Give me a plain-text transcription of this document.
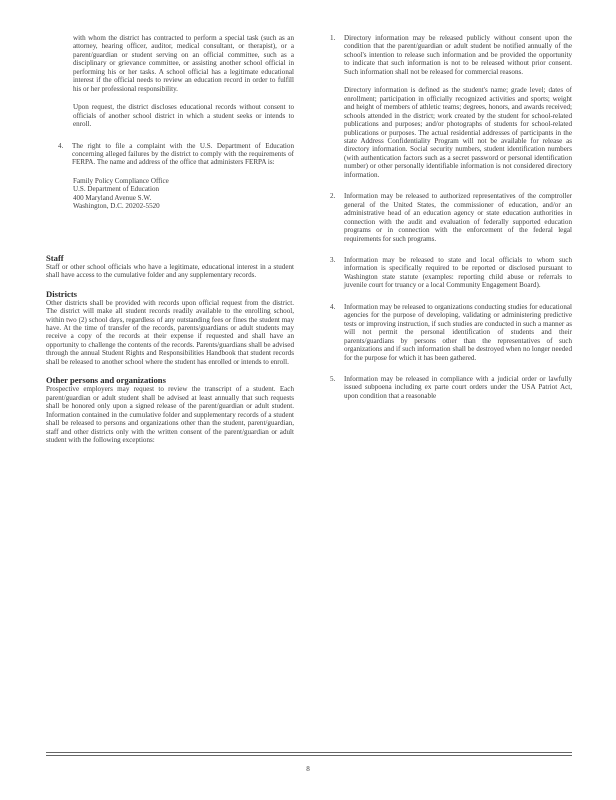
with whom the district has contracted to perform a special task (such as an attorney, hearing officer, auditor, medical consultant, or therapist), or a parent/guardian or student serving on an official committee, such as a disciplinary or grievance committee, or assisting another school official in performing his or her tasks. A school official has a legitimate educational interest if the official needs to review an education record in order to fulfill his or her professional responsibility.

Upon request, the district discloses educational records without consent to officials of another school district in which a student seeks or intends to enroll.

4. The right to file a complaint with the U.S. Department of Education concerning alleged failures by the district to comply with the requirements of FERPA. The name and address of the office that administers FERPA is:

Family Policy Compliance Office

U.S. Department of Education

400 Maryland Avenue S.W.

Washington, D.C. 20202-5520

Staff

Staff or other school officials who have a legitimate, educational interest in a student shall have access to the cumulative folder and any supplementary records.

Districts

Other districts shall be provided with records upon official request from the district. The district will make all student records readily available to the enrolling school, within two (2) school days, regardless of any outstanding fees or fines the student may have. At the time of transfer of the records, parents/guardians or adult students may receive a copy of the records at their expense if requested and shall have an opportunity to challenge the contents of the records. Parents/guardians shall be advised through the annual Student Rights and Responsibilities Handbook that student records shall be released to another school where the student has enrolled or intends to enroll.

Other persons and organizations

Prospective employers may request to review the transcript of a student. Each parent/guardian or adult student shall be advised at least annually that such requests shall be honored only upon a signed release of the parent/guardian or adult student. Information contained in the cumulative folder and supplementary records of a student shall be released to persons and organizations other than the student, parent/guardian, staff and other districts only with the written consent of the parent/guardian or adult student with the following exceptions:

1. Directory information may be released publicly without consent upon the condition that the parent/guardian or adult student be notified annually of the school's intention to release such information and be provided the opportunity to indicate that such information is not to be released without prior consent. Such information shall not be released for commercial reasons.

Directory information is defined as the student's name; grade level; dates of enrollment; participation in officially recognized activities and sports; weight and height of members of athletic teams; degrees, honors, and awards received; schools attended in the district; work created by the student for school-related publications and purposes; and/or photographs of students for school-related publications or purposes. The actual residential addresses of participants in the state Address Confidentiality Program will not be available for release as directory information. Social security numbers, student identification numbers (with authentication factors such as a secret password or personal identification number) or other personally identifiable information is not considered directory information.

2. Information may be released to authorized representatives of the comptroller general of the United States, the commissioner of education, and/or an administrative head of an education agency or state education authorities in connection with the audit and evaluation of federally supported education programs or in connection with the enforcement of the federal legal requirements for such programs.

3. Information may be released to state and local officials to whom such information is specifically required to be reported or disclosed pursuant to Washington state statute (examples: reporting child abuse or referrals to juvenile court for truancy or a local Community Engagement Board).

4. Information may be released to organizations conducting studies for educational agencies for the purpose of developing, validating or administering predictive tests or improving instruction, if such studies are conducted in such a manner as will not permit the personal identification of students and their parents/guardians by persons other than the representatives of such organizations and if such information shall be destroyed when no longer needed for the purpose for which it has been gathered.

5. Information may be released in compliance with a judicial order or lawfully issued subpoena including ex parte court orders under the USA Patriot Act, upon condition that a reasonable

8
